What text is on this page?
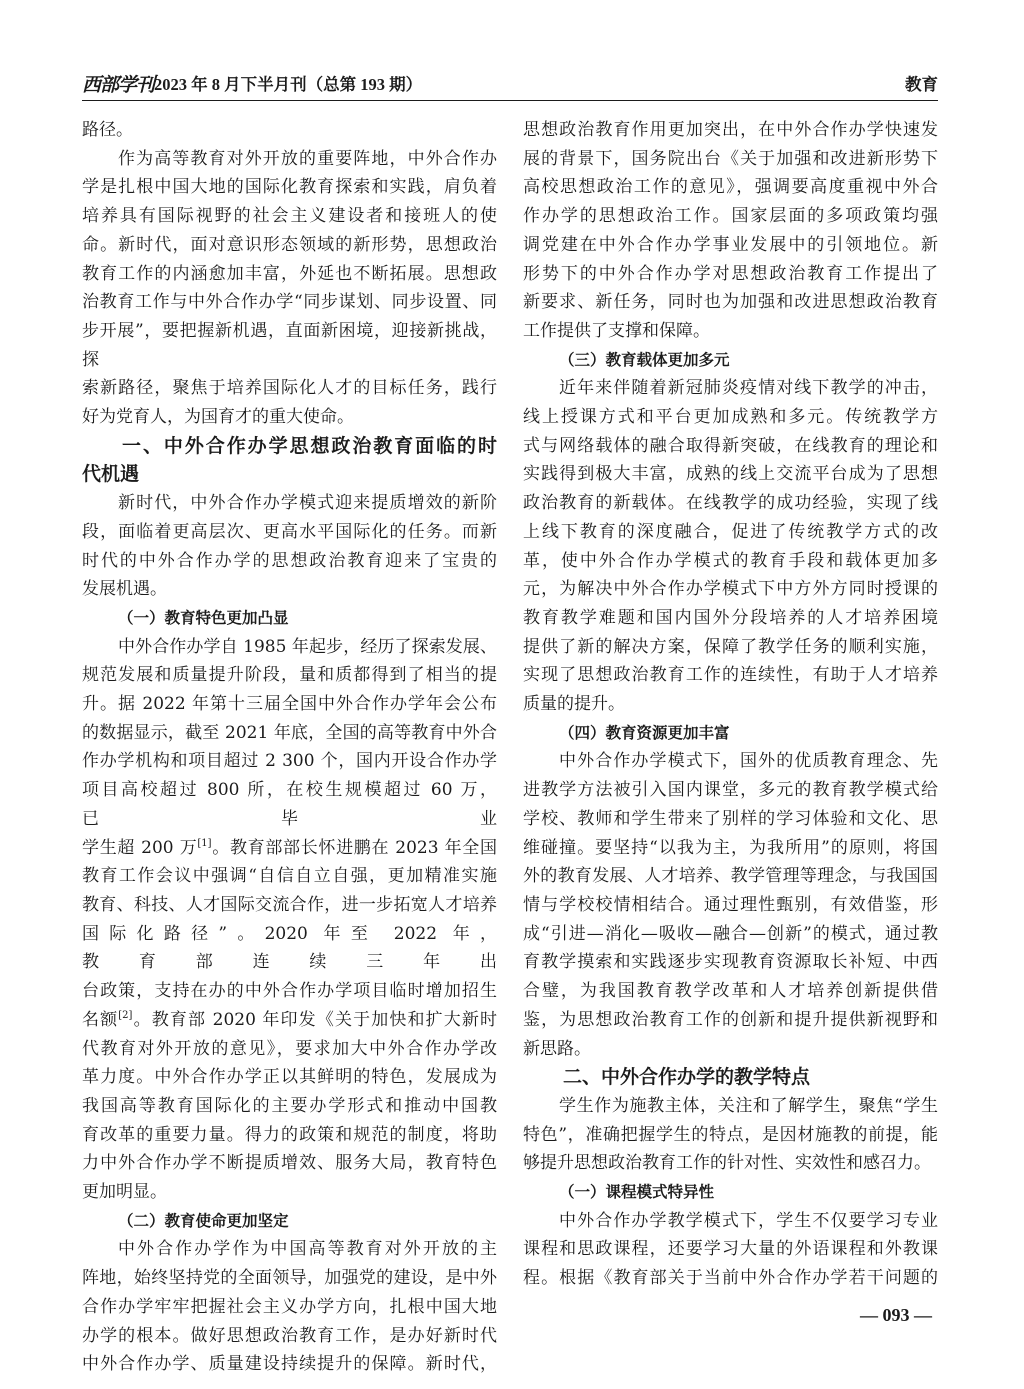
西部学刊 2023 年 8 月下半月刊（总第 193 期）	教育
路径。
作为高等教育对外开放的重要阵地，中外合作办
学是扎根中国大地的国际化教育探索和实践，肩负着
培养具有国际视野的社会主义建设者和接班人的使
命。新时代，面对意识形态领域的新形势，思想政治
教育工作的内涵愈加丰富，外延也不断拓展。思想政
治教育工作与中外合作办学“同步谋划、同步设置、同
步开展”，要把握新机遇，直面新困境，迎接新挑战，探
索新路径，聚焦于培养国际化人才的目标任务，践行
好为党育人，为国育才的重大使命。
一、中外合作办学思想政治教育面临的时
代机遇
新时代，中外合作办学模式迎来提质增效的新阶
段，面临着更高层次、更高水平国际化的任务。而新
时代的中外合作办学的思想政治教育迎来了宝贵的
发展机遇。
（一）教育特色更加凸显
中外合作办学自 1985 年起步，经历了探索发展、
规范发展和质量提升阶段，量和质都得到了相当的提
升。据 2022 年第十三届全国中外合作办学年会公布
的数据显示，截至 2021 年底，全国的高等教育中外合
作办学机构和项目超过 2 300 个，国内开设合作办学
项目高校超过 800 所，在校生规模超过 60 万，已毕业
学生超 200 万[1]。教育部部长怀进鹏在 2023 年全国
教育工作会议中强调“自信自立自强，更加精准实施
教育、科技、人才国际交流合作，进一步拓宽人才培养
国际化路径”。2020 年至 2022 年，教育部连续三年出
台政策，支持在办的中外合作办学项目临时增加招生
名额[2]。教育部 2020 年印发《关于加快和扩大新时
代教育对外开放的意见》，要求加大中外合作办学改
革力度。中外合作办学正以其鲜明的特色，发展成为
我国高等教育国际化的主要办学形式和推动中国教
育改革的重要力量。得力的政策和规范的制度，将助
力中外合作办学不断提质增效、服务大局，教育特色
更加明显。
（二）教育使命更加坚定
中外合作办学作为中国高等教育对外开放的主
阵地，始终坚持党的全面领导，加强党的建设，是中外
合作办学牢牢把握社会主义办学方向，扎根中国大地
办学的根本。做好思想政治教育工作，是办好新时代
中外合作办学、质量建设持续提升的保障。新时代，
思想政治教育作用更加突出，在中外合作办学快速发
展的背景下，国务院出台《关于加强和改进新形势下
高校思想政治工作的意见》，强调要高度重视中外合
作办学的思想政治工作。国家层面的多项政策均强
调党建在中外合作办学事业发展中的引领地位。新
形势下的中外合作办学对思想政治教育工作提出了
新要求、新任务，同时也为加强和改进思想政治教育
工作提供了支撑和保障。
（三）教育载体更加多元
近年来伴随着新冠肺炎疫情对线下教学的冲击，
线上授课方式和平台更加成熟和多元。传统教学方
式与网络载体的融合取得新突破，在线教育的理论和
实践得到极大丰富，成熟的线上交流平台成为了思想
政治教育的新载体。在线教学的成功经验，实现了线
上线下教育的深度融合，促进了传统教学方式的改
革，使中外合作办学模式的教育手段和载体更加多
元，为解决中外合作办学模式下中方外方同时授课的
教育教学难题和国内国外分段培养的人才培养困境
提供了新的解决方案，保障了教学任务的顺利实施，
实现了思想政治教育工作的连续性，有助于人才培养
质量的提升。
（四）教育资源更加丰富
中外合作办学模式下，国外的优质教育理念、先
进教学方法被引入国内课堂，多元的教育教学模式给
学校、教师和学生带来了别样的学习体验和文化、思
维碰撞。要坚持“以我为主，为我所用”的原则，将国
外的教育发展、人才培养、教学管理等理念，与我国国
情与学校校情相结合。通过理性甄别，有效借鉴，形
成“引进—消化—吸收—融合—创新”的模式，通过教
育教学摸索和实践逐步实现教育资源取长补短、中西
合璧，为我国教育教学改革和人才培养创新提供借
鉴，为思想政治教育工作的创新和提升提供新视野和
新思路。
二、中外合作办学的教学特点
学生作为施教主体，关注和了解学生，聚焦“学生
特色”，准确把握学生的特点，是因材施教的前提，能
够提升思想政治教育工作的针对性、实效性和感召力。
（一）课程模式特异性
中外合作办学教学模式下，学生不仅要学习专业
课程和思政课程，还要学习大量的外语课程和外教课
程。根据《教育部关于当前中外合作办学若干问题的
— 093 —
